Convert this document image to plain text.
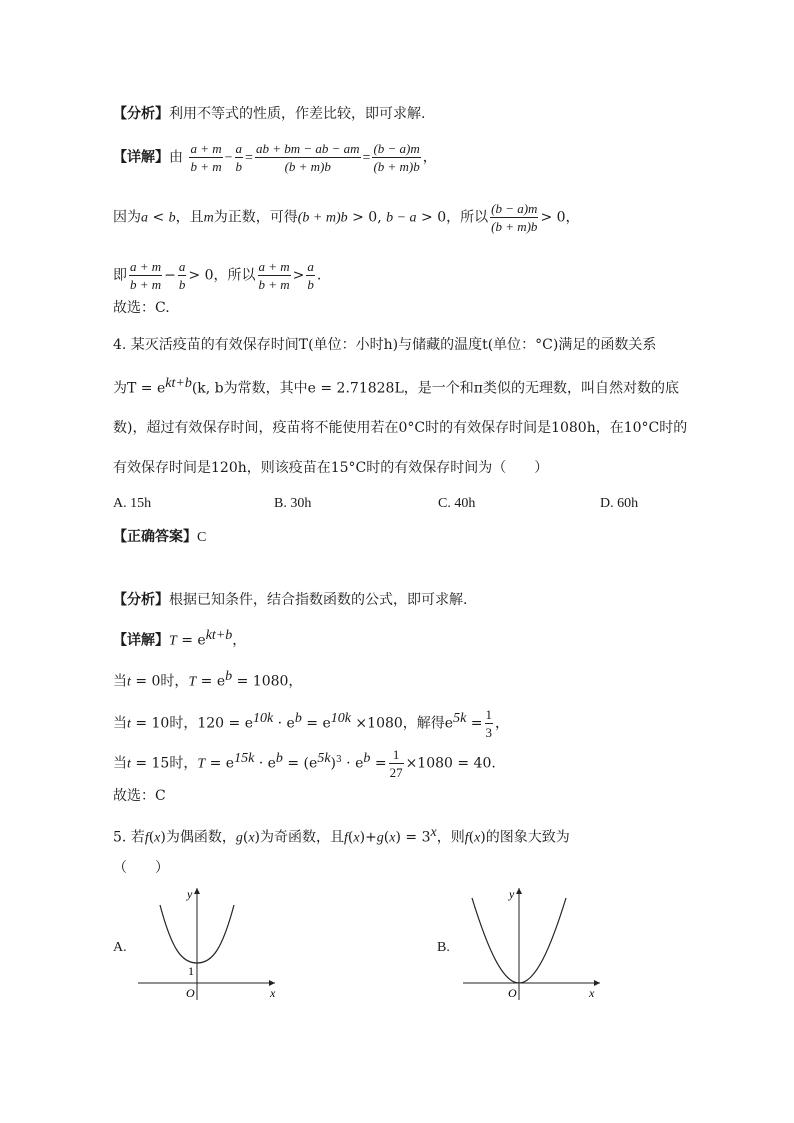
【分析】利用不等式的性质，作差比较，即可求解.
【详解】由 $\frac{a + m}{b + m} - \frac{a}{b} = \frac{ab + bm - ab - am}{(b + m)b} = \frac{(b - a)m}{(b + m)b}$ ，
因为a < b，且m为正数，可得(b + m)b > 0, b − a > 0，所以 $\frac{(b - a)m}{(b + m)b} > 0$，
即 $\frac{a + m}{b + m} - \frac{a}{b} > 0$，所以 $\frac{a + m}{b + m} > \frac{a}{b}$ .
故选：C.
4. 某灭活疫苗的有效保存时间T(单位：小时h)与储藏的温度t(单位：°C)满足的函数关系
为$T = e^{kt+b}(k$, b为常数，其中e = 2.71828L，是一个和π类似的无理数，叫自然对数的底
数)，超过有效保存时间，疫苗将不能使用若在0°C时的有效保存时间是1080h，在10°C时的
有效保存时间是120h，则该疫苗在15°C时的有效保存时间为（　　）
A. 15h	B. 30h	C. 40h	D. 60h
【正确答案】C
【分析】根据已知条件，结合指数函数的公式，即可求解.
【详解】$T = e^{kt+b}$，
当t = 0时，$T = e^b = 1080$，
当t = 10时，$120 = e^{10k} \cdot e^b = e^{10k} \times 1080$，解得$e^{5k} = \frac{1}{3}$ ，
当t = 15时，$T = e^{15k} \cdot e^b = (e^{5k})^3 \cdot e^b = \frac{1}{27} \times 1080 = 40$.
故选：C
5. 若f(x)为偶函数，g(x)为奇函数，且$f(x)+g(x) = 3^x$，则f(x)的图象大致为
（　　）
A.
y
x
O
1
B.
y
x
O
